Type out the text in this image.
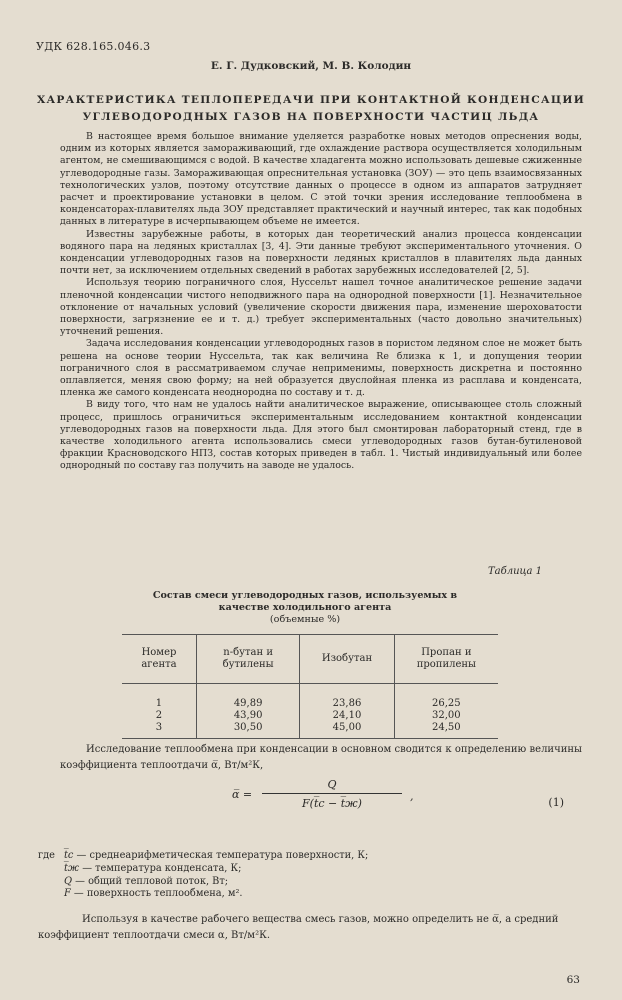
УДК 628.165.046.3
Е. Г. Дудковский, М. В. Колодин
ХАРАКТЕРИСТИКА ТЕПЛОПЕРЕДАЧИ ПРИ КОНТАКТНОЙ КОНДЕНСАЦИИ
УГЛЕВОДОРОДНЫХ ГАЗОВ НА ПОВЕРХНОСТИ ЧАСТИЦ ЛЬДА

В настоящее время большое внимание уделяется разработке новых методов опреснения воды, одним из которых является замораживающий, где охлаждение раствора осуществляется холодильным агентом, не смешивающимся с водой. В качестве хладагента можно использовать дешевые сжиженные углеводородные газы. Замораживающая опреснительная установка (ЗОУ) — это цепь взаимосвязанных технологических узлов, поэтому отсутствие данных о процессе в одном из аппаратов затрудняет расчет и проектирование установки в целом. С этой точки зрения исследование теплообмена в конденсаторах-плавителях льда ЗОУ представляет практический и научный интерес, так как подобных данных в литературе в исчерпывающем объеме не имеется.

Известны зарубежные работы, в которых дан теоретический анализ процесса конденсации водяного пара на ледяных кристаллах [3, 4]. Эти данные требуют экспериментального уточнения. О конденсации углеводородных газов на поверхности ледяных кристаллов в плавителях льда данных почти нет, за исключением отдельных сведений в работах зарубежных исследователей [2, 5].

Используя теорию пограничного слоя, Нуссельт нашел точное аналитическое решение задачи пленочной конденсации чистого неподвижного пара на однородной поверхности [1]. Незначительное отклонение от начальных условий (увеличение скорости движения пара, изменение шероховатости поверхности, загрязнение ее и т. д.) требует экспериментальных (часто довольно значительных) уточнений решения.

Задача исследования конденсации углеводородных газов в пористом ледяном слое не может быть решена на основе теории Нуссельта, так как величина Re близка к 1, и допущения теории пограничного слоя в рассматриваемом случае неприменимы, поверхность дискретна и постоянно оплавляется, меняя свою форму; на ней образуется двуслойная пленка из расплава и конденсата, пленка же самого конденсата неоднородна по составу и т. д.

В виду того, что нам не удалось найти аналитическое выражение, описывающее столь сложный процесс, пришлось ограничиться экспериментальным исследованием контактной конденсации углеводородных газов на поверхности льда. Для этого был смонтирован лабораторный стенд, где в качестве холодильного агента использовались смеси углеводородных газов бутан-бутиленовой фракции Красноводского НПЗ, состав которых приведен в табл. 1. Чистый индивидуальный или более однородный по составу газ получить на заводе не удалось.

Таблица 1
Состав смеси углеводородных газов, используемых в
качестве холодильного агента
(объемные %)
Номер агента	n-бутан и бутилены	Изобутан	Пропан и пропилены
1	49,89	23,86	26,25
2	43,90	24,10	32,00
3	30,50	45,00	24,50

Исследование теплообмена при конденсации в основном сводится к определению величины коэффициента теплоотдачи α̅, Вт/м²К,

α̅ =
Q
F(t̅с − t̅ж)
,	(1)
где t̅с — среднеарифметическая температура поверхности, К;
t̅ж — температура конденсата, К;
Q — общий тепловой поток, Вт;
F — поверхность теплообмена, м².

Используя в качестве рабочего вещества смесь газов, можно определить не α̅, а средний коэффициент теплоотдачи смеси α, Вт/м²К.

63
